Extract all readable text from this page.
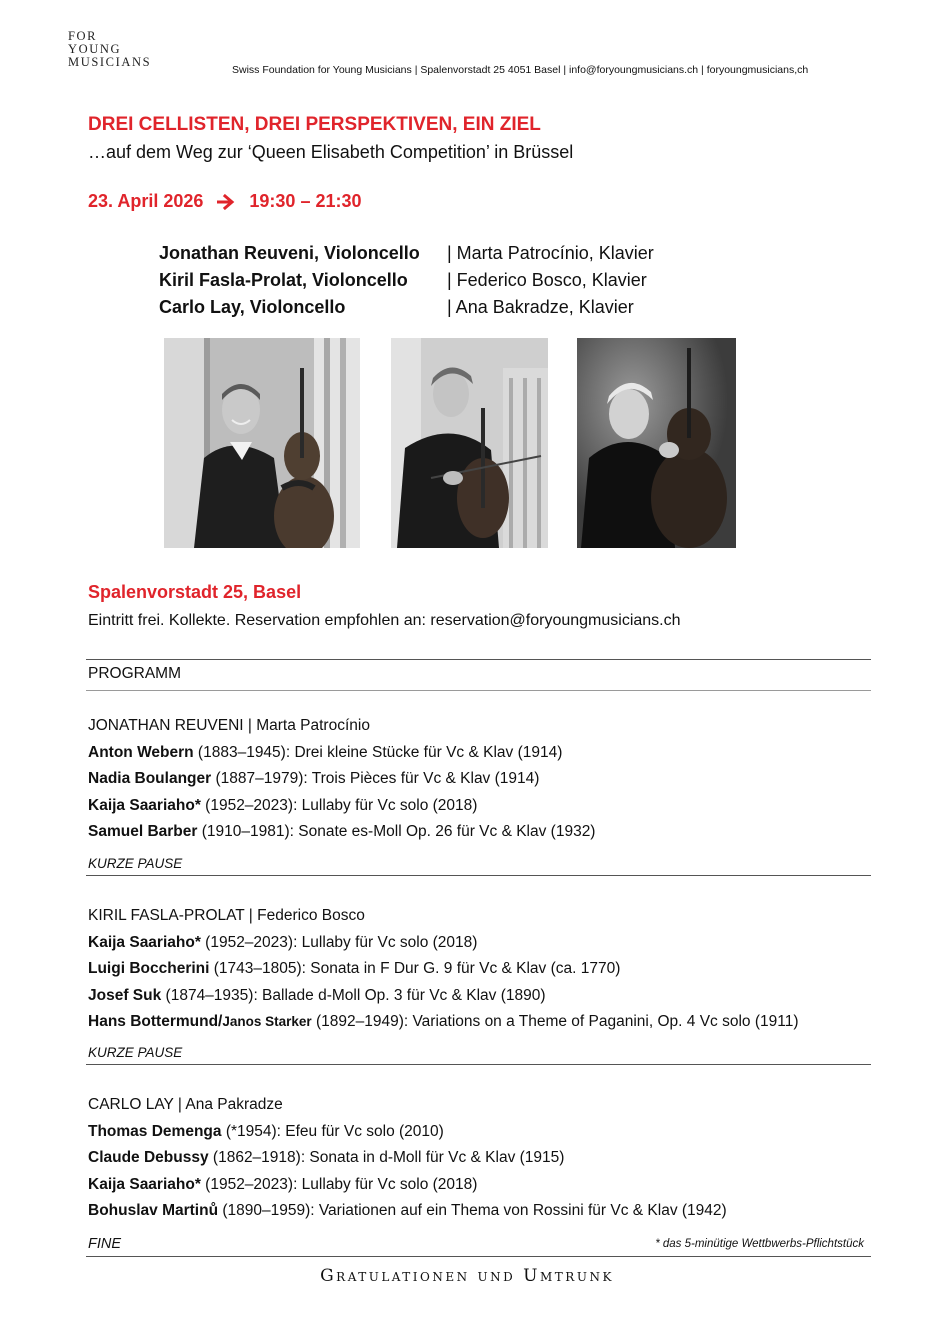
FOR
YOUNG
MUSICIANS
Swiss Foundation for Young Musicians | Spalenvorstadt 25 4051 Basel | info@foryoungmusicians.ch | foryoungmusicians,ch
DREI CELLISTEN, DREI PERSPEKTIVEN, EIN ZIEL
…auf dem Weg zur ‘Queen Elisabeth Competition’ in Brüssel
23. April 2026	19:30 – 21:30
Jonathan Reuveni, Violoncello	| Marta Patrocínio, Klavier
Kiril Fasla-Prolat, Violoncello	| Federico Bosco, Klavier
Carlo Lay, Violoncello	| Ana Bakradze, Klavier
Spalenvorstadt 25, Basel
Eintritt frei. Kollekte. Reservation empfohlen an: reservation@foryoungmusicians.ch
PROGRAMM
JONATHAN REUVENI | Marta Patrocínio
Anton Webern (1883–1945): Drei kleine Stücke für Vc & Klav (1914)
Nadia Boulanger (1887–1979): Trois Pièces für Vc & Klav (1914)
Kaija Saariaho* (1952–2023): Lullaby für Vc solo (2018)
Samuel Barber (1910–1981): Sonate es-Moll Op. 26 für Vc & Klav (1932)
KURZE PAUSE
KIRIL FASLA-PROLAT | Federico Bosco
Kaija Saariaho* (1952–2023): Lullaby für Vc solo (2018)
Luigi Boccherini (1743–1805): Sonata in F Dur G. 9 für Vc & Klav (ca. 1770)
Josef Suk (1874–1935): Ballade d-Moll Op. 3 für Vc & Klav (1890)
Hans Bottermund/Janos Starker (1892–1949): Variations on a Theme of Paganini, Op. 4 Vc solo (1911)
KURZE PAUSE
CARLO LAY | Ana Pakradze
Thomas Demenga (*1954): Efeu für Vc solo (2010)
Claude Debussy (1862–1918): Sonata in d-Moll für Vc & Klav (1915)
Kaija Saariaho* (1952–2023): Lullaby für Vc solo (2018)
Bohuslav Martinů (1890–1959): Variationen auf ein Thema von Rossini für Vc & Klav (1942)
FINE	* das 5-minütige Wettbwerbs-Pflichtstück
Gratulationen und Umtrunk
